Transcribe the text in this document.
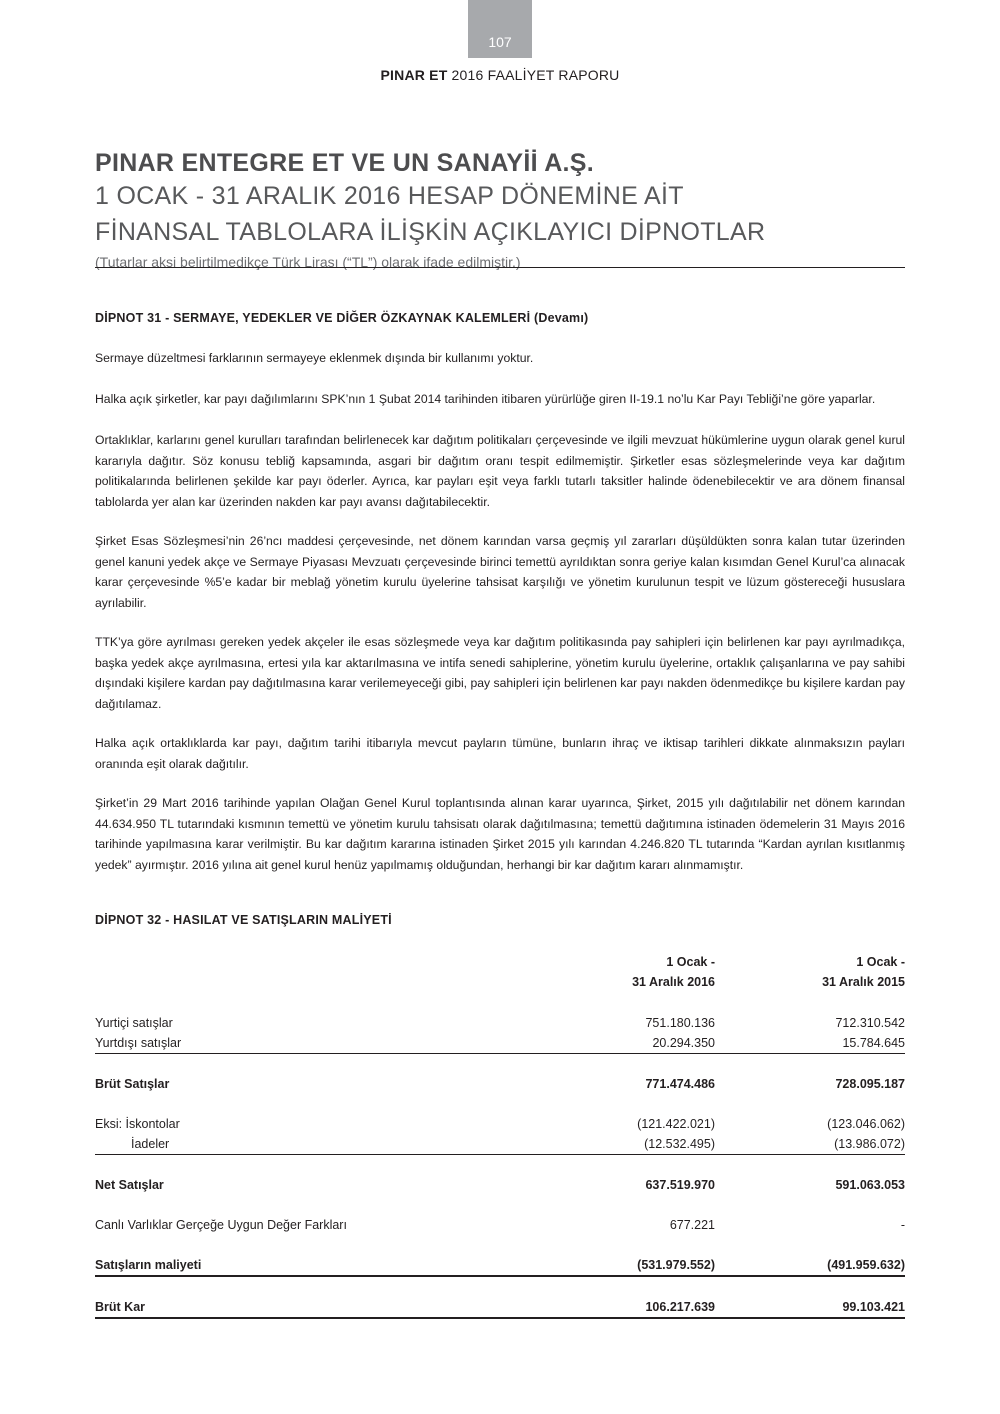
107
PINAR ET 2016 FAALİYET RAPORU
PINAR ENTEGRE ET VE UN SANAYİİ A.Ş.
1 OCAK - 31 ARALIK 2016 HESAP DÖNEMİNE AİT
FİNANSAL TABLOLARA İLİŞKİN AÇIKLAYICI DİPNOTLAR
(Tutarlar aksi belirtilmedikçe Türk Lirası (“TL”) olarak ifade edilmiştir.)
DİPNOT 31 - SERMAYE, YEDEKLER VE DİĞER ÖZKAYNAK KALEMLERİ (Devamı)
Sermaye düzeltmesi farklarının sermayeye eklenmek dışında bir kullanımı yoktur.
Halka açık şirketler, kar payı dağılımlarını SPK’nın 1 Şubat 2014 tarihinden itibaren yürürlüğe giren II-19.1 no’lu Kar Payı Tebliği’ne göre yaparlar.
Ortaklıklar, karlarını genel kurulları tarafından belirlenecek kar dağıtım politikaları çerçevesinde ve ilgili mevzuat hükümlerine uygun olarak genel kurul kararıyla dağıtır. Söz konusu tebliğ kapsamında, asgari bir dağıtım oranı tespit edilmemiştir. Şirketler esas sözleşmelerinde veya kar dağıtım politikalarında belirlenen şekilde kar payı öderler. Ayrıca, kar payları eşit veya farklı tutarlı taksitler halinde ödenebilecektir ve ara dönem finansal tablolarda yer alan kar üzerinden nakden kar payı avansı dağıtabilecektir.
Şirket Esas Sözleşmesi’nin 26’ncı maddesi çerçevesinde, net dönem karından varsa geçmiş yıl zararları düşüldükten sonra kalan tutar üzerinden genel kanuni yedek akçe ve Sermaye Piyasası Mevzuatı çerçevesinde birinci temettü ayrıldıktan sonra geriye kalan kısımdan Genel Kurul’ca alınacak karar çerçevesinde %5’e kadar bir meblağ yönetim kurulu üyelerine tahsisat karşılığı ve yönetim kurulunun tespit ve lüzum göstereceği hususlara ayrılabilir.
TTK’ya göre ayrılması gereken yedek akçeler ile esas sözleşmede veya kar dağıtım politikasında pay sahipleri için belirlenen kar payı ayrılmadıkça, başka yedek akçe ayrılmasına, ertesi yıla kar aktarılmasına ve intifa senedi sahiplerine, yönetim kurulu üyelerine, ortaklık çalışanlarına ve pay sahibi dışındaki kişilere kardan pay dağıtılmasına karar verilemeyeceği gibi, pay sahipleri için belirlenen kar payı nakden ödenmedikçe bu kişilere kardan pay dağıtılamaz.
Halka açık ortaklıklarda kar payı, dağıtım tarihi itibarıyla mevcut payların tümüne, bunların ihraç ve iktisap tarihleri dikkate alınmaksızın payları oranında eşit olarak dağıtılır.
Şirket’in 29 Mart 2016 tarihinde yapılan Olağan Genel Kurul toplantısında alınan karar uyarınca, Şirket, 2015 yılı dağıtılabilir net dönem karından 44.634.950 TL tutarındaki kısmının temettü ve yönetim kurulu tahsisatı olarak dağıtılmasına; temettü dağıtımına istinaden ödemelerin 31 Mayıs 2016 tarihinde yapılmasına karar verilmiştir. Bu kar dağıtım kararına istinaden Şirket 2015 yılı karından 4.246.820 TL tutarında “Kardan ayrılan kısıtlanmış yedek” ayırmıştır. 2016 yılına ait genel kurul henüz yapılmamış olduğundan, herhangi bir kar dağıtım kararı alınmamıştır.
DİPNOT 32 - HASILAT VE SATIŞLARIN MALİYETİ
	1 Ocak -	1 Ocak -
	31 Aralık 2016	31 Aralık 2015

Yurtiçi satışlar	751.180.136	712.310.542
Yurtdışı satışlar	20.294.350	15.784.645

Brüt Satışlar	771.474.486	728.095.187

Eksi: İskontolar	(121.422.021)	(123.046.062)
İadeler	(12.532.495)	(13.986.072)

Net Satışlar	637.519.970	591.063.053

Canlı Varlıklar Gerçeğe Uygun Değer Farkları	677.221	-

Satışların maliyeti	(531.979.552)	(491.959.632)

Brüt Kar	106.217.639	99.103.421
